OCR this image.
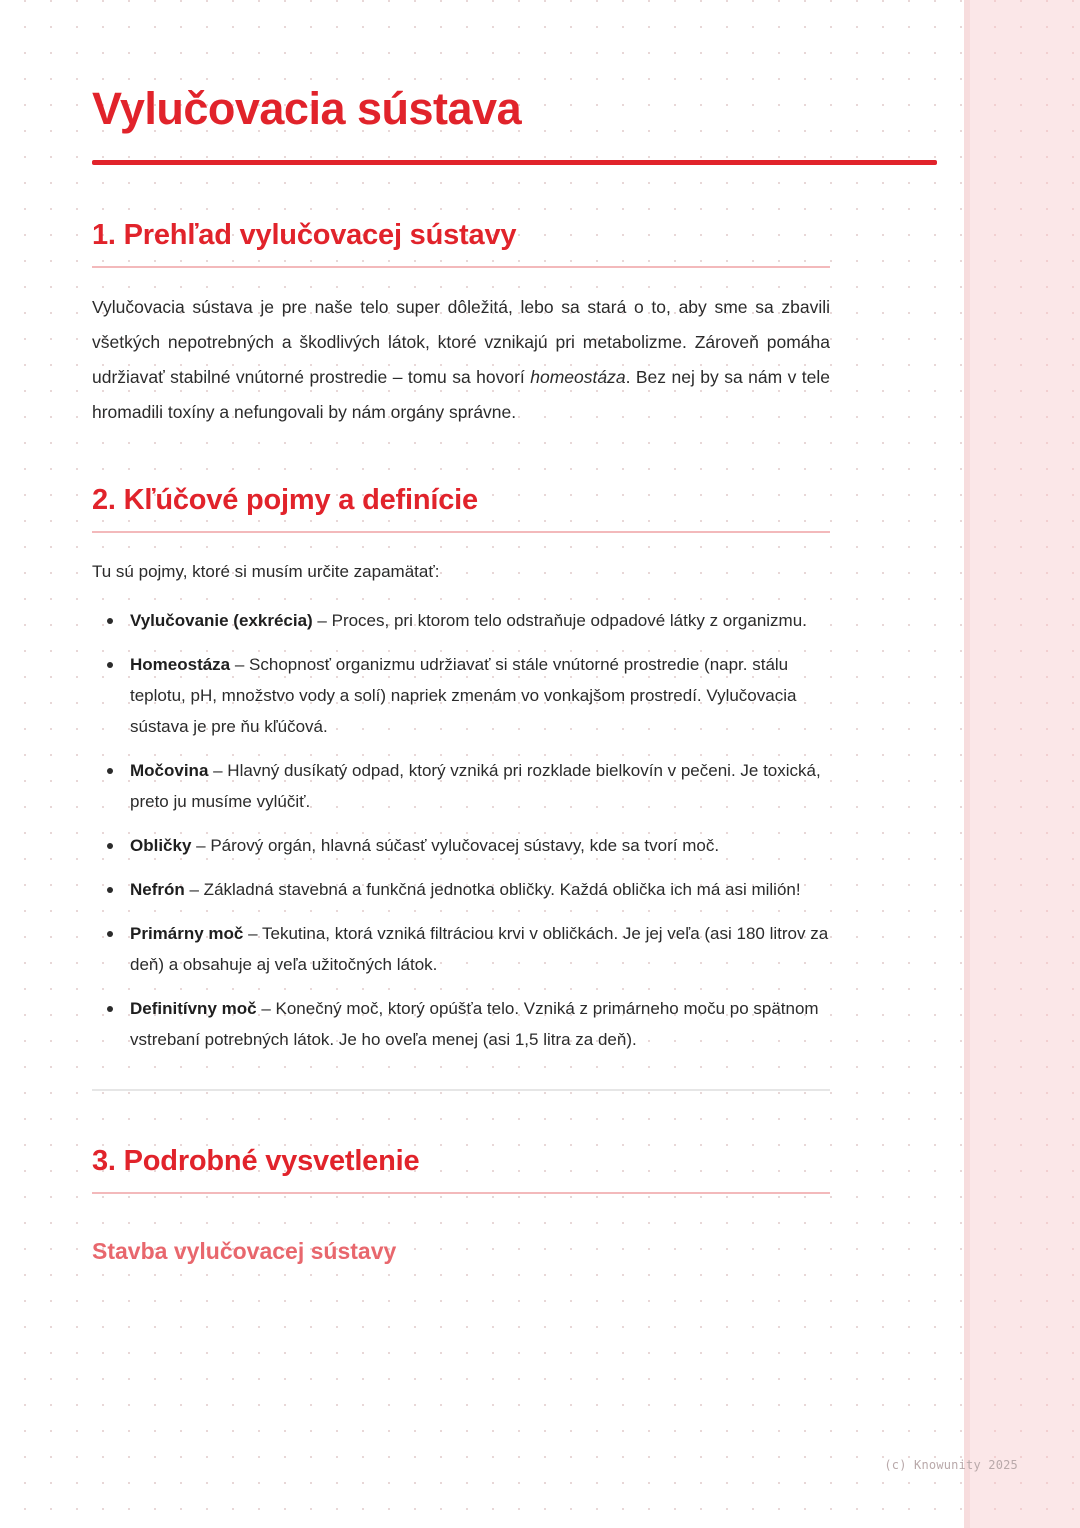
Vylučovacia sústava
1. Prehľad vylučovacej sústavy

Vylučovacia sústava je pre naše telo super dôležitá, lebo sa stará o to, aby sme sa zbavili všetkých nepotrebných a škodlivých látok, ktoré vznikajú pri metabolizme. Zároveň pomáha udržiavať stabilné vnútorné prostredie – tomu sa hovorí homeostáza. Bez nej by sa nám v tele hromadili toxíny a nefungovali by nám orgány správne.

2. Kľúčové pojmy a definície

Tu sú pojmy, ktoré si musím určite zapamätať:

Vylučovanie (exkrécia) – Proces, pri ktorom telo odstraňuje odpadové látky z organizmu.
Homeostáza – Schopnosť organizmu udržiavať si stále vnútorné prostredie (napr. stálu teplotu, pH, množstvo vody a solí) napriek zmenám vo vonkajšom prostredí. Vylučovacia sústava je pre ňu kľúčová.
Močovina – Hlavný dusíkatý odpad, ktorý vzniká pri rozklade bielkovín v pečeni. Je toxická, preto ju musíme vylúčiť.
Obličky – Párový orgán, hlavná súčasť vylučovacej sústavy, kde sa tvorí moč.
Nefrón – Základná stavebná a funkčná jednotka obličky. Každá oblička ich má asi milión!
Primárny moč – Tekutina, ktorá vzniká filtráciou krvi v obličkách. Je jej veľa (asi 180 litrov za deň) a obsahuje aj veľa užitočných látok.
Definitívny moč – Konečný moč, ktorý opúšťa telo. Vzniká z primárneho moču po spätnom vstrebaní potrebných látok. Je ho oveľa menej (asi 1,5 litra za deň).
3. Podrobné vysvetlenie
Stavba vylučovacej sústavy
(c) Knowunity 2025
